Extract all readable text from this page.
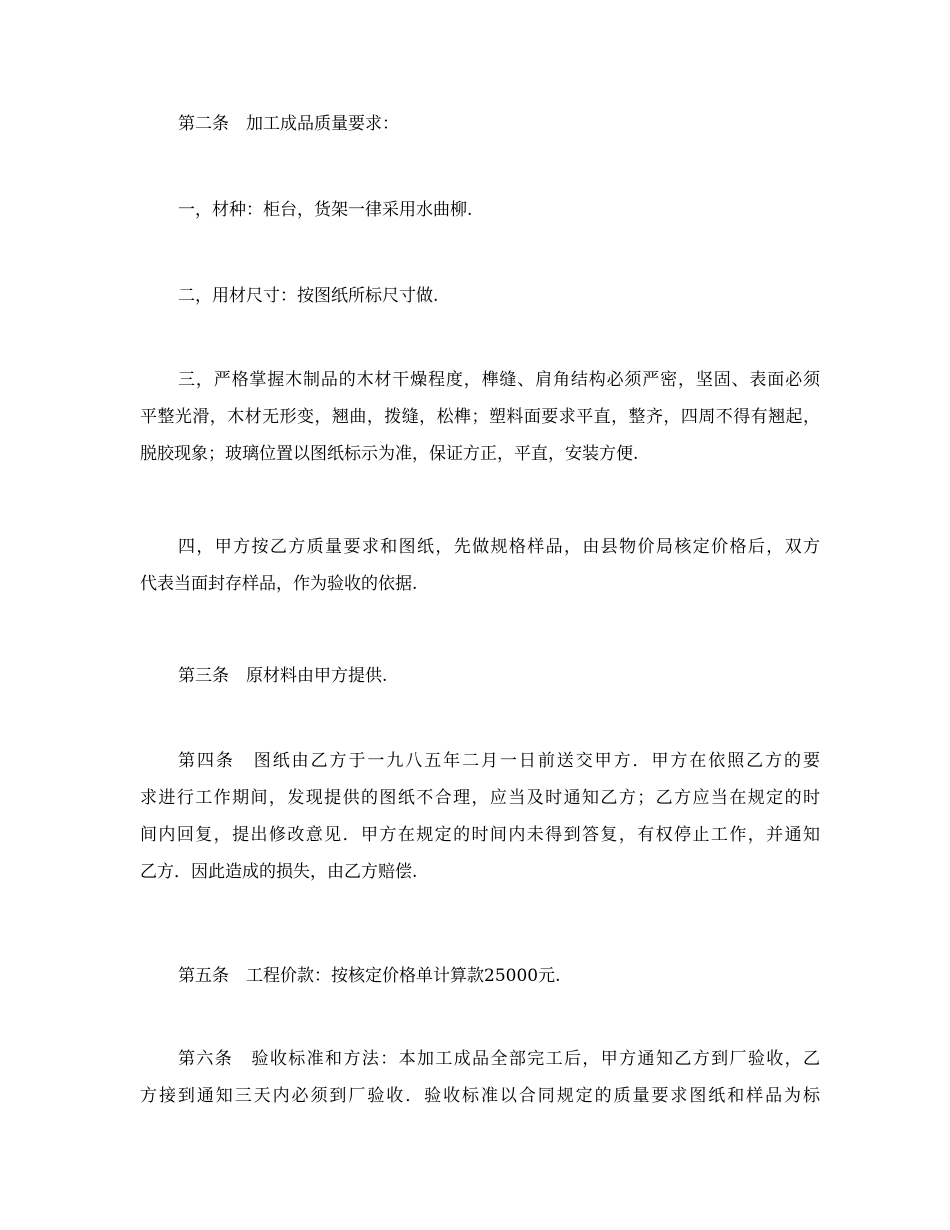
第二条　加工成品质量要求：
一，材种：柜台，货架一律采用水曲柳.
二，用材尺寸：按图纸所标尺寸做.
三，严格掌握木制品的木材干燥程度，榫缝、肩角结构必须严密，坚固、表面必须
平整光滑，木材无形变，翘曲，拨缝，松榫；塑料面要求平直，整齐，四周不得有翘起，
脱胶现象；玻璃位置以图纸标示为准，保证方正，平直，安装方便.
四，甲方按乙方质量要求和图纸，先做规格样品，由县物价局核定价格后，双方
代表当面封存样品，作为验收的依据.
第三条　原材料由甲方提供.
第四条　图纸由乙方于一九八五年二月一日前送交甲方．甲方在依照乙方的要
求进行工作期间，发现提供的图纸不合理，应当及时通知乙方；乙方应当在规定的时
间内回复，提出修改意见．甲方在规定的时间内未得到答复，有权停止工作，并通知
乙方．因此造成的损失，由乙方赔偿.
第五条　工程价款：按核定价格单计算款25000元.
第六条　验收标准和方法：本加工成品全部完工后，甲方通知乙方到厂验收，乙
方接到通知三天内必须到厂验收．验收标准以合同规定的质量要求图纸和样品为标
